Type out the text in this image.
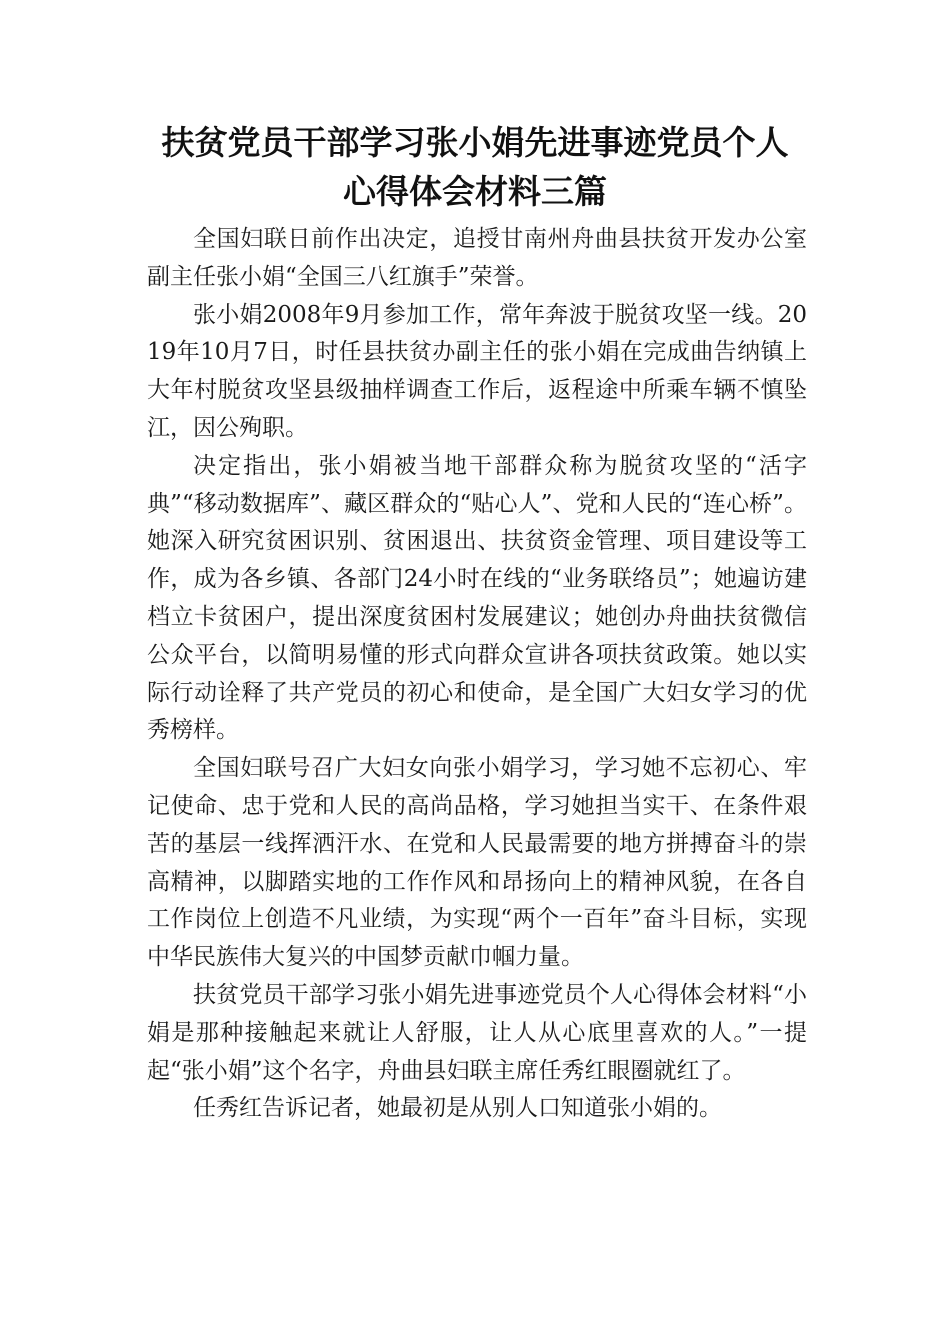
扶贫党员干部学习张小娟先进事迹党员个人
心得体会材料三篇

全国妇联日前作出决定，追授甘南州舟曲县扶贫开发办公室副主任张小娟“全国三八红旗手”荣誉。

张小娟2008年9月参加工作，常年奔波于脱贫攻坚一线。2019年10月7日，时任县扶贫办副主任的张小娟在完成曲告纳镇上大年村脱贫攻坚县级抽样调查工作后，返程途中所乘车辆不慎坠江，因公殉职。

决定指出，张小娟被当地干部群众称为脱贫攻坚的“活字典”“移动数据库”、藏区群众的“贴心人”、党和人民的“连心桥”。她深入研究贫困识别、贫困退出、扶贫资金管理、项目建设等工作，成为各乡镇、各部门24小时在线的“业务联络员”；她遍访建档立卡贫困户，提出深度贫困村发展建议；她创办舟曲扶贫微信公众平台，以简明易懂的形式向群众宣讲各项扶贫政策。她以实际行动诠释了共产党员的初心和使命，是全国广大妇女学习的优秀榜样。

全国妇联号召广大妇女向张小娟学习，学习她不忘初心、牢记使命、忠于党和人民的高尚品格，学习她担当实干、在条件艰苦的基层一线挥洒汗水、在党和人民最需要的地方拼搏奋斗的崇高精神，以脚踏实地的工作作风和昂扬向上的精神风貌，在各自工作岗位上创造不凡业绩，为实现“两个一百年”奋斗目标，实现中华民族伟大复兴的中国梦贡献巾帼力量。

扶贫党员干部学习张小娟先进事迹党员个人心得体会材料“小娟是那种接触起来就让人舒服，让人从心底里喜欢的人。”一提起“张小娟”这个名字，舟曲县妇联主席任秀红眼圈就红了。

任秀红告诉记者，她最初是从别人口知道张小娟的。
